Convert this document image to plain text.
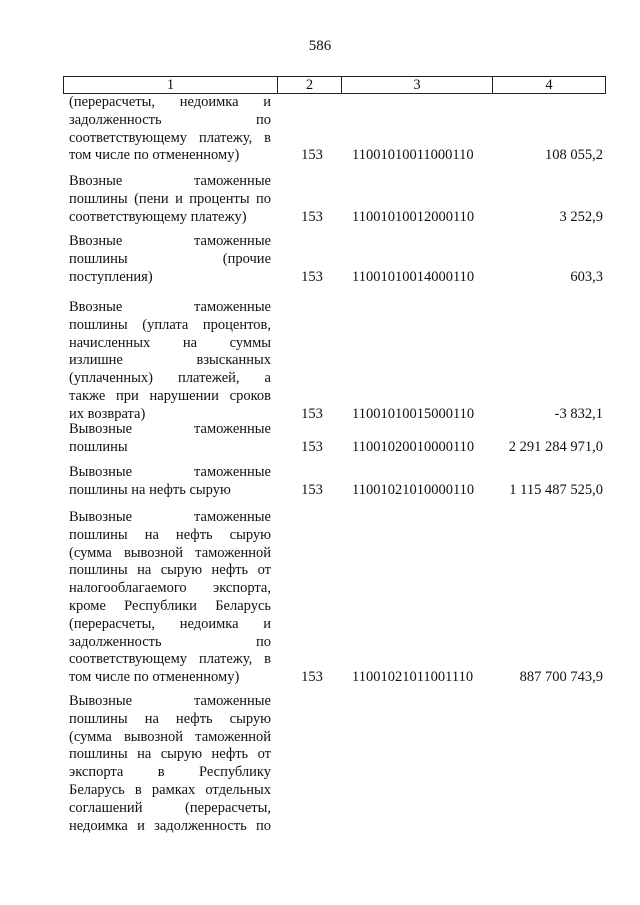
586
1	2	3	4
(перерасчеты, недоимка и
задолженность по
соответствующему платежу, в
том числе по отмененному)	153 11001010011000110	108 055,2
Ввозные таможенные
пошлины (пени и проценты по
соответствующему платежу)	153 11001010012000110	3 252,9
Ввозные таможенные
пошлины (прочие
поступления)	153 11001010014000110	603,3
Ввозные таможенные
пошлины (уплата процентов,
начисленных на суммы
излишне взысканных
(уплаченных) платежей, а
также при нарушении сроков
их возврата)	153 11001010015000110	-3 832,1
Вывозные таможенные
пошлины	153 11001020010000110	2 291 284 971,0
Вывозные таможенные
пошлины на нефть сырую	153 11001021010000110	1 115 487 525,0
Вывозные таможенные
пошлины на нефть сырую
(сумма вывозной таможенной
пошлины на сырую нефть от
налогооблагаемого экспорта,
кроме Республики Беларусь
(перерасчеты, недоимка и
задолженность по
соответствующему платежу, в
том числе по отмененному)	153 11001021011001110	887 700 743,9
Вывозные таможенные
пошлины на нефть сырую
(сумма вывозной таможенной
пошлины на сырую нефть от
экспорта в Республику
Беларусь в рамках отдельных
соглашений (перерасчеты,
недоимка и задолженность по
